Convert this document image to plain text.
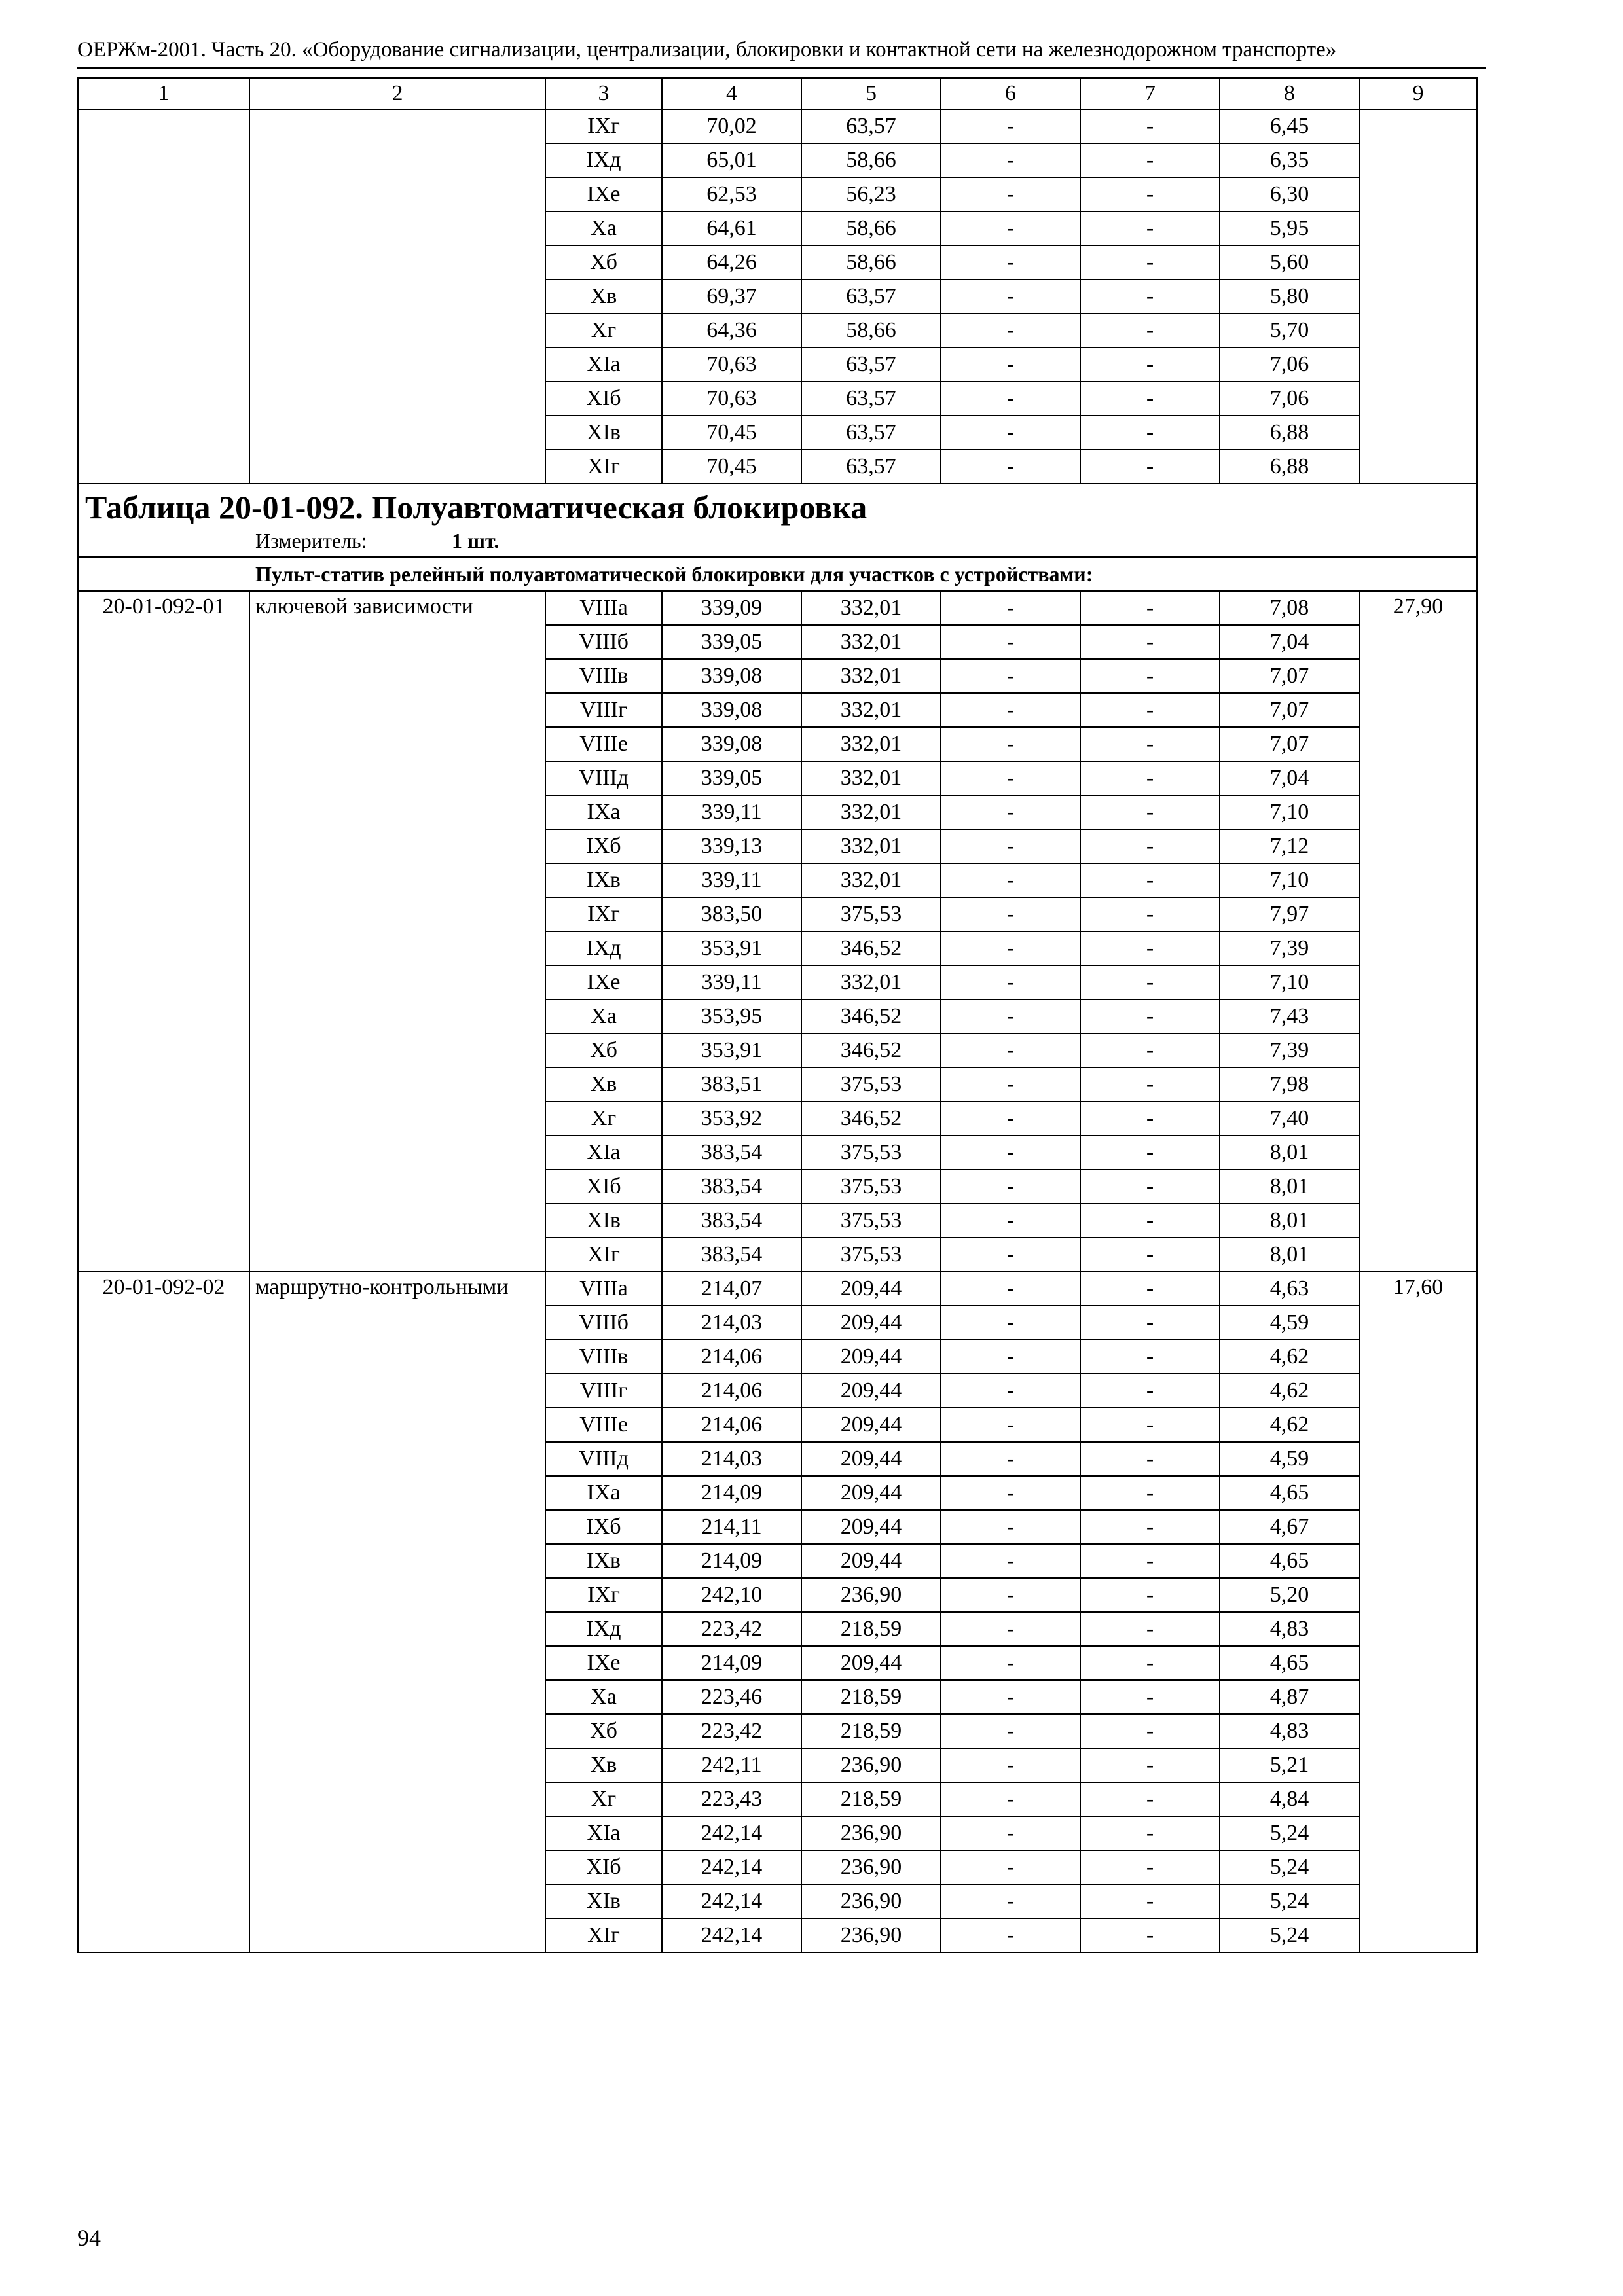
ОЕРЖм-2001. Часть 20. «Оборудование сигнализации, централизации, блокировки и контактной сети на железнодорожном транспорте»
1	2	3	4	5	6	7	8	9
		IXг	70,02	63,57	-	-	6,45	
		IXд	65,01	58,66	-	-	6,35	
		IXе	62,53	56,23	-	-	6,30	
		Xа	64,61	58,66	-	-	5,95	
		Xб	64,26	58,66	-	-	5,60	
		Xв	69,37	63,57	-	-	5,80	
		Xг	64,36	58,66	-	-	5,70	
		XIа	70,63	63,57	-	-	7,06	
		XIб	70,63	63,57	-	-	7,06	
		XIв	70,45	63,57	-	-	6,88	
		XIг	70,45	63,57	-	-	6,88	

Таблица 20-01-092. Полуавтоматическая блокировка
Измеритель: 1 шт.								

Пульт-статив релейный полуавтоматической блокировки для участков с устройствами:								
20-01-092-01	ключевой зависимости	VIIIа	339,09	332,01	-	-	7,08	27,90
		VIIIб	339,05	332,01	-	-	7,04	
		VIIIв	339,08	332,01	-	-	7,07	
		VIIIг	339,08	332,01	-	-	7,07	
		VIIIе	339,08	332,01	-	-	7,07	
		VIIIд	339,05	332,01	-	-	7,04	
		IXа	339,11	332,01	-	-	7,10	
		IXб	339,13	332,01	-	-	7,12	
		IXв	339,11	332,01	-	-	7,10	
		IXг	383,50	375,53	-	-	7,97	
		IXд	353,91	346,52	-	-	7,39	
		IXе	339,11	332,01	-	-	7,10	
		Xа	353,95	346,52	-	-	7,43	
		Xб	353,91	346,52	-	-	7,39	
		Xв	383,51	375,53	-	-	7,98	
		Xг	353,92	346,52	-	-	7,40	
		XIа	383,54	375,53	-	-	8,01	
		XIб	383,54	375,53	-	-	8,01	
		XIв	383,54	375,53	-	-	8,01	
		XIг	383,54	375,53	-	-	8,01	
20-01-092-02	маршрутно-контрольными	VIIIа	214,07	209,44	-	-	4,63	17,60
		VIIIб	214,03	209,44	-	-	4,59	
		VIIIв	214,06	209,44	-	-	4,62	
		VIIIг	214,06	209,44	-	-	4,62	
		VIIIе	214,06	209,44	-	-	4,62	
		VIIIд	214,03	209,44	-	-	4,59	
		IXа	214,09	209,44	-	-	4,65	
		IXб	214,11	209,44	-	-	4,67	
		IXв	214,09	209,44	-	-	4,65	
		IXг	242,10	236,90	-	-	5,20	
		IXд	223,42	218,59	-	-	4,83	
		IXе	214,09	209,44	-	-	4,65	
		Xа	223,46	218,59	-	-	4,87	
		Xб	223,42	218,59	-	-	4,83	
		Xв	242,11	236,90	-	-	5,21	
		Xг	223,43	218,59	-	-	4,84	
		XIа	242,14	236,90	-	-	5,24	
		XIб	242,14	236,90	-	-	5,24	
		XIв	242,14	236,90	-	-	5,24	
		XIг	242,14	236,90	-	-	5,24	
94
